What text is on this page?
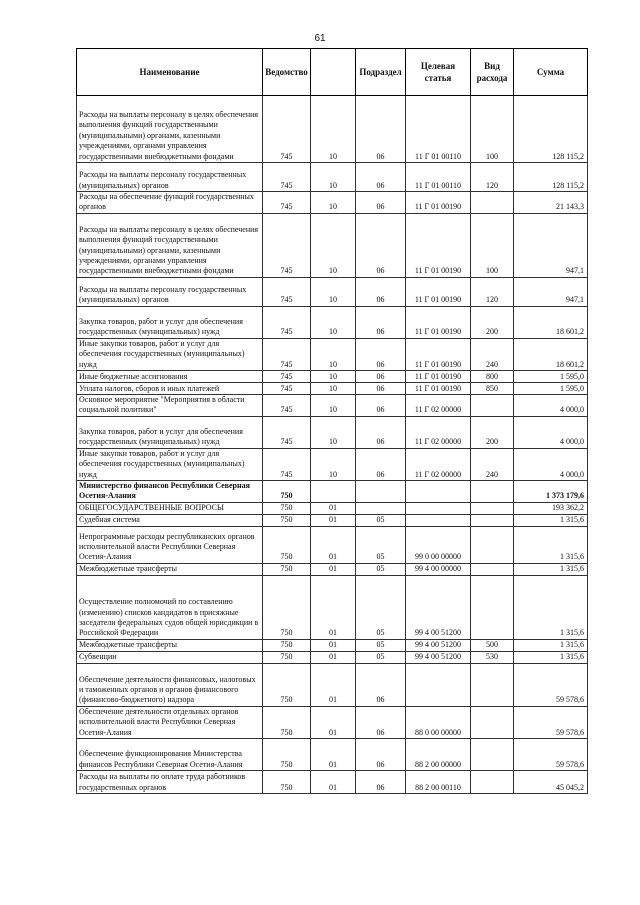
61
Наименование	Ведомство		Подраздел	Целевая статья	Вид расхода	Сумма
Расходы на выплаты персоналу в целях обеспечения выполнения функций государственными (муниципальными) органами, казенными учреждениями, органами управления государственными внебюджетными фондами	745	10	06	11 Г 01 00110	100	128 115,2
Расходы на выплаты персоналу государственных (муниципальных) органов	745	10	06	11 Г 01 00110	120	128 115,2
Расходы на обеспечение функций государственных органов	745	10	06	11 Г 01 00190		21 143,3
Расходы на выплаты персоналу в целях обеспечения выполнения функций государственными (муниципальными) органами, казенными учреждениями, органами управления государственными внебюджетными фондами	745	10	06	11 Г 01 00190	100	947,1
Расходы на выплаты персоналу государственных (муниципальных) органов	745	10	06	11 Г 01 00190	120	947,1
Закупка товаров, работ и услуг для обеспечения государственных (муниципальных) нужд	745	10	06	11 Г 01 00190	200	18 601,2
Иные закупки товаров, работ и услуг для обеспечения государственных (муниципальных) нужд	745	10	06	11 Г 01 00190	240	18 601,2
Иные бюджетные ассигнования	745	10	06	11 Г 01 00190	800	1 595,0
Уплата налогов, сборов и иных платежей	745	10	06	11 Г 01 00190	850	1 595,0
Основное мероприятие "Мероприятия в области социальной политики"	745	10	06	11 Г 02 00000		4 000,0
Закупка товаров, работ и услуг для обеспечения государственных (муниципальных) нужд	745	10	06	11 Г 02 00000	200	4 000,0
Иные закупки товаров, работ и услуг для обеспечения государственных (муниципальных) нужд	745	10	06	11 Г 02 00000	240	4 000,0
Министерство финансов Республики Северная Осетия-Алания	750					1 373 179,6
ОБЩЕГОСУДАРСТВЕННЫЕ ВОПРОСЫ	750	01				193 362,2
Судебная система	750	01	05			1 315,6
Непрограммные расходы республиканских органов исполнительной власти Республики Северная Осетия-Алания	750	01	05	99 0 00 00000		1 315,6
Межбюджетные трансферты	750	01	05	99 4 00 00000		1 315,6
Осуществление полномочий по составлению (изменению) списков кандидатов в присяжные заседатели федеральных судов общей юрисдикции в Российской Федерации	750	01	05	99 4 00 51200		1 315,6
Межбюджетные трансферты	750	01	05	99 4 00 51200	500	1 315,6
Субвенции	750	01	05	99 4 00 51200	530	1 315,6
Обеспечение деятельности финансовых, налоговых и таможенных органов и органов финансового (финансово-бюджетного) надзора	750	01	06			59 578,6
Обеспечение деятельности отдельных органов исполнительной власти Республики Северная Осетия-Алания	750	01	06	88 0 00 00000		59 578,6
Обеспечение функционирования Министерства финансов Республики Северная Осетия-Алания	750	01	06	88 2 00 00000		59 578,6
Расходы на выплаты по оплате труда работников государственных органов	750	01	06	88 2 00 00110		45 045,2
